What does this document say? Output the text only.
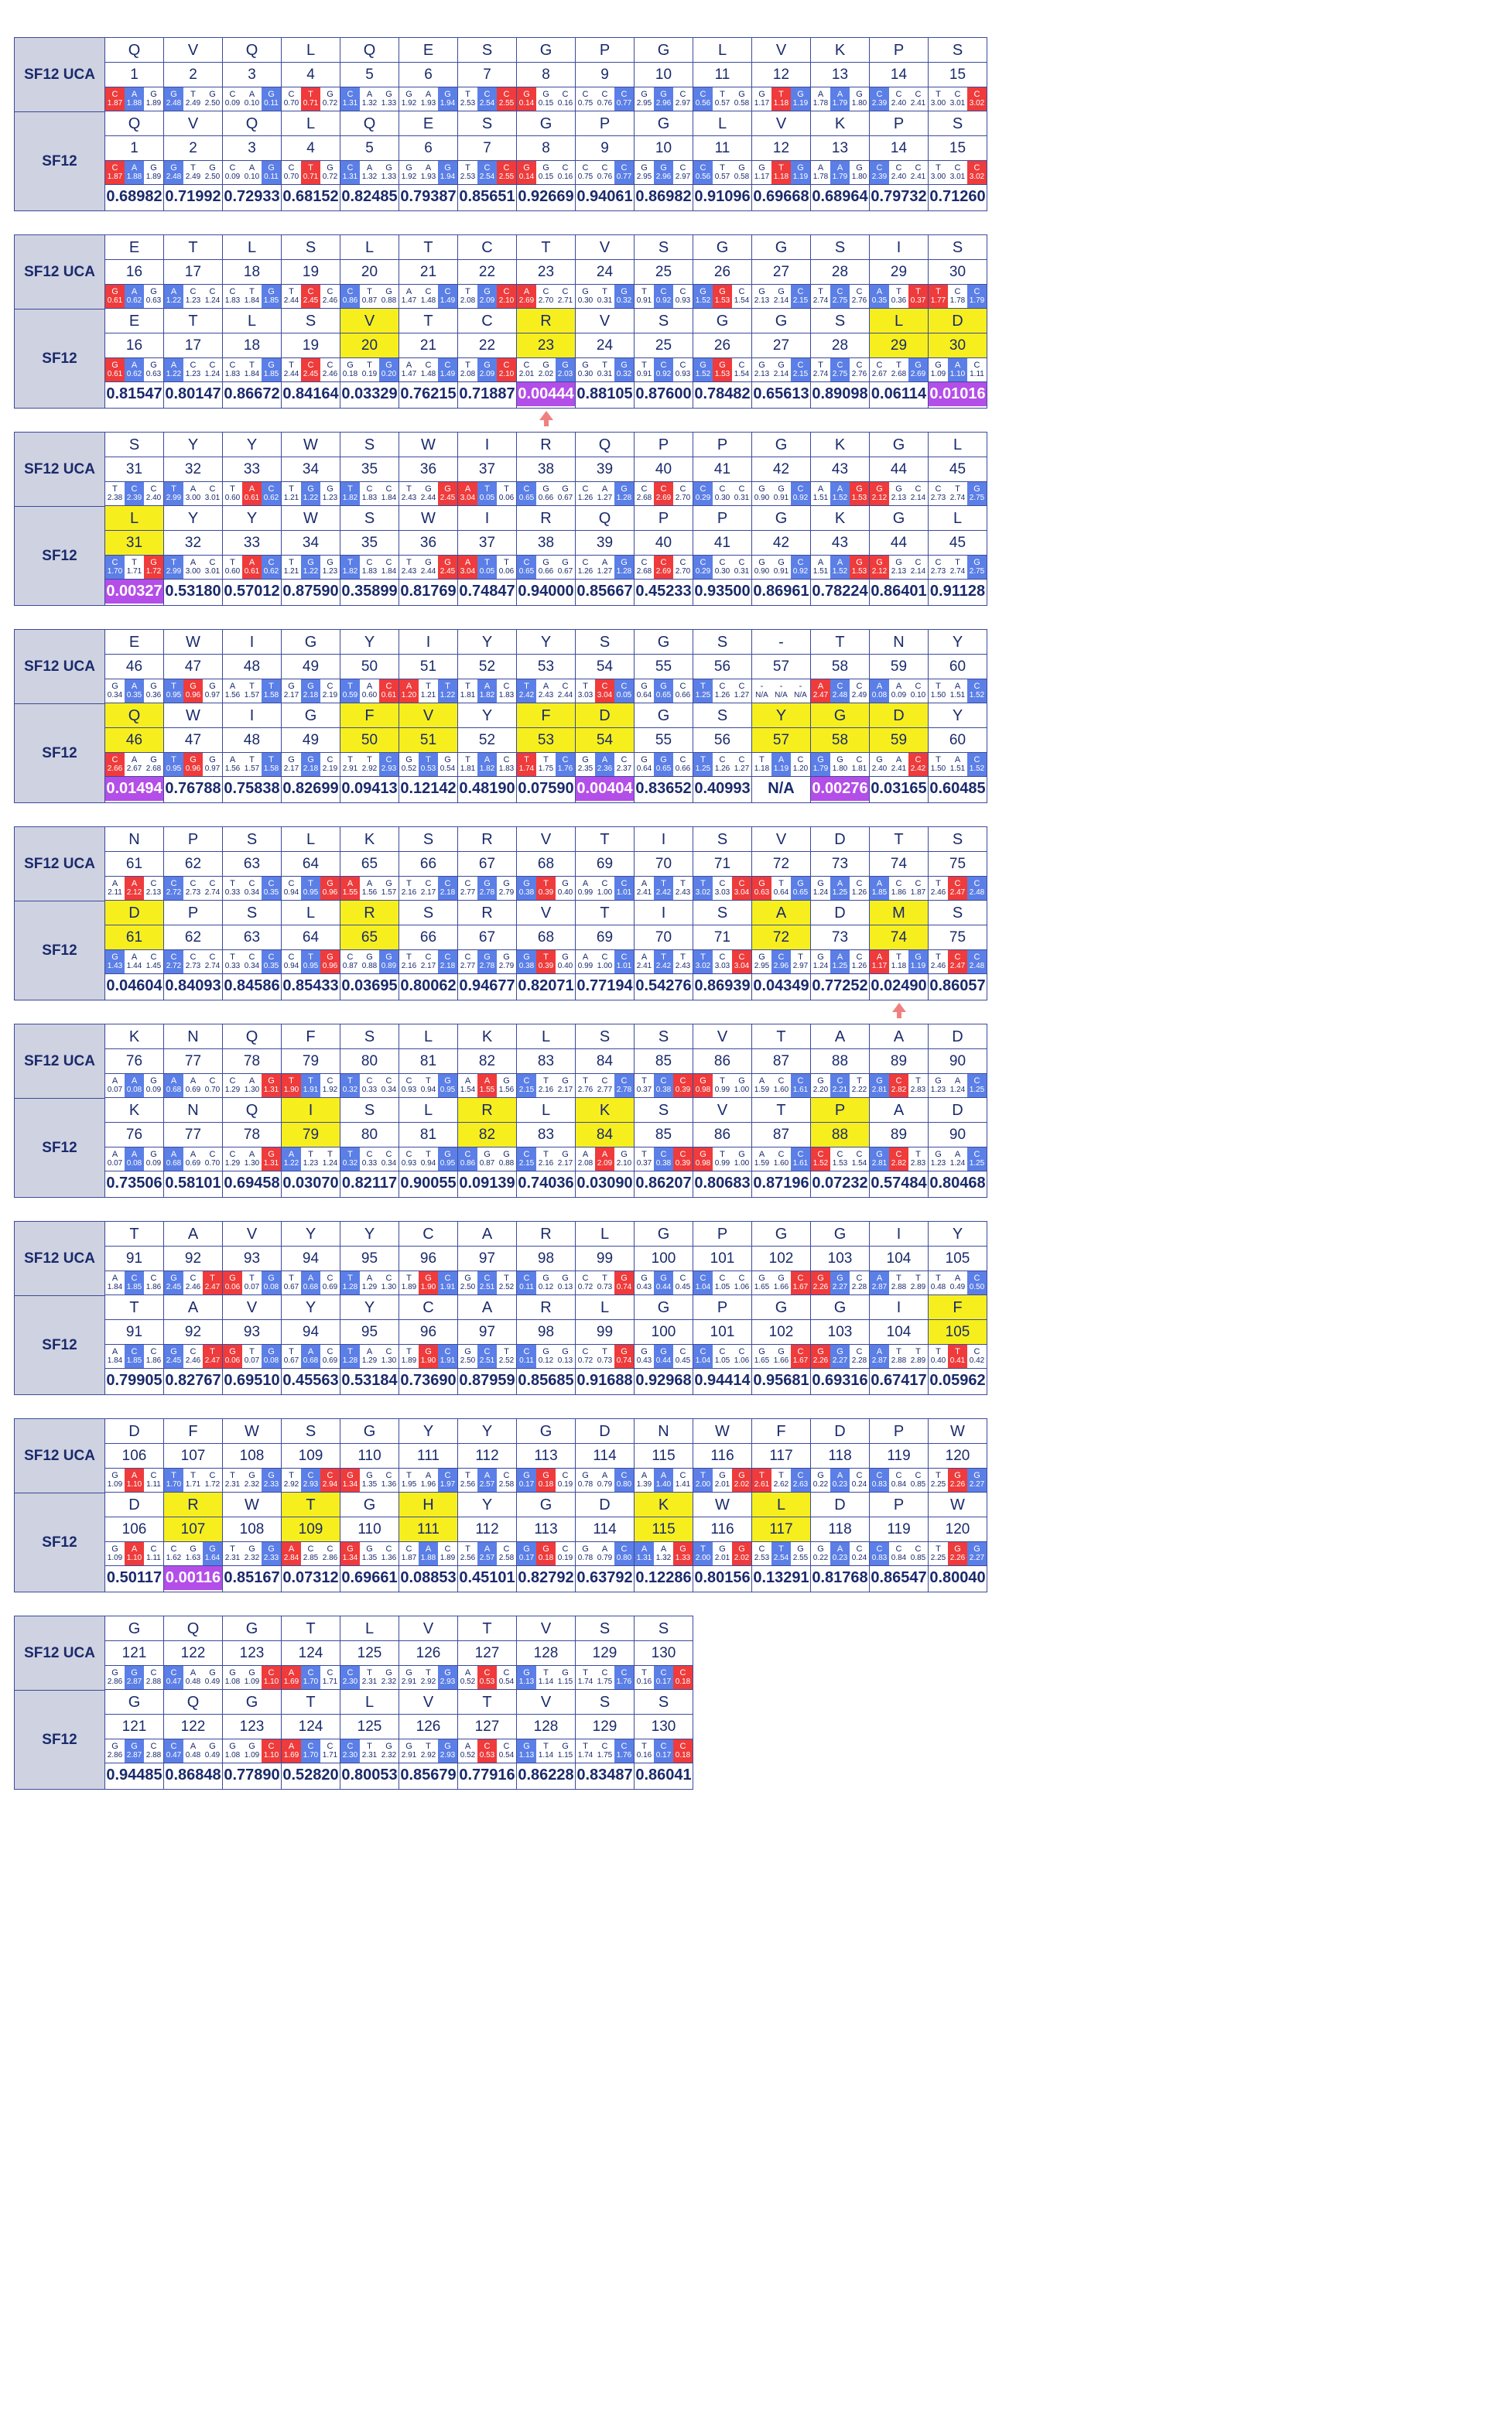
SF12 UCA
SF12
Q
1
C
1.87
A
1.88
G
1.89
Q
1
C
1.87
A
1.88
G
1.89
0.68982
V
2
G
2.48
T
2.49
G
2.50
V
2
G
2.48
T
2.49
G
2.50
0.71992
Q
3
C
0.09
A
0.10
G
0.11
Q
3
C
0.09
A
0.10
G
0.11
0.72933
L
4
C
0.70
T
0.71
G
0.72
L
4
C
0.70
T
0.71
G
0.72
0.68152
Q
5
C
1.31
A
1.32
G
1.33
Q
5
C
1.31
A
1.32
G
1.33
0.82485
E
6
G
1.92
A
1.93
G
1.94
E
6
G
1.92
A
1.93
G
1.94
0.79387
S
7
T
2.53
C
2.54
C
2.55
S
7
T
2.53
C
2.54
C
2.55
0.85651
G
8
G
0.14
G
0.15
C
0.16
G
8
G
0.14
G
0.15
C
0.16
0.92669
P
9
C
0.75
C
0.76
C
0.77
P
9
C
0.75
C
0.76
C
0.77
0.94061
G
10
G
2.95
G
2.96
C
2.97
G
10
G
2.95
G
2.96
C
2.97
0.86982
L
11
C
0.56
T
0.57
G
0.58
L
11
C
0.56
T
0.57
G
0.58
0.91096
V
12
G
1.17
T
1.18
G
1.19
V
12
G
1.17
T
1.18
G
1.19
0.69668
K
13
A
1.78
A
1.79
G
1.80
K
13
A
1.78
A
1.79
G
1.80
0.68964
P
14
C
2.39
C
2.40
C
2.41
P
14
C
2.39
C
2.40
C
2.41
0.79732
S
15
T
3.00
C
3.01
C
3.02
S
15
T
3.00
C
3.01
C
3.02
0.71260
SF12 UCA
SF12
E
16
G
0.61
A
0.62
G
0.63
E
16
G
0.61
A
0.62
G
0.63
0.81547
T
17
A
1.22
C
1.23
C
1.24
T
17
A
1.22
C
1.23
C
1.24
0.80147
L
18
C
1.83
T
1.84
G
1.85
L
18
C
1.83
T
1.84
G
1.85
0.86672
S
19
T
2.44
C
2.45
C
2.46
S
19
T
2.44
C
2.45
C
2.46
0.84164
L
20
C
0.86
T
0.87
G
0.88
V
20
G
0.18
T
0.19
G
0.20
0.03329
T
21
A
1.47
C
1.48
C
1.49
T
21
A
1.47
C
1.48
C
1.49
0.76215
C
22
T
2.08
G
2.09
C
2.10
C
22
T
2.08
G
2.09
C
2.10
0.71887
T
23
A
2.69
C
2.70
C
2.71
R
23
C
2.01
G
2.02
G
2.03
0.00444
V
24
G
0.30
T
0.31
G
0.32
V
24
G
0.30
T
0.31
G
0.32
0.88105
S
25
T
0.91
C
0.92
C
0.93
S
25
T
0.91
C
0.92
C
0.93
0.87600
G
26
G
1.52
G
1.53
C
1.54
G
26
G
1.52
G
1.53
C
1.54
0.78482
G
27
G
2.13
G
2.14
C
2.15
G
27
G
2.13
G
2.14
C
2.15
0.65613
S
28
T
2.74
C
2.75
C
2.76
S
28
T
2.74
C
2.75
C
2.76
0.89098
I
29
A
0.35
T
0.36
T
0.37
L
29
C
2.67
T
2.68
G
2.69
0.06114
S
30
T
1.77
C
1.78
C
1.79
D
30
G
1.09
A
1.10
C
1.11
0.01016
SF12 UCA
SF12
S
31
T
2.38
C
2.39
C
2.40
L
31
C
1.70
T
1.71
G
1.72
0.00327
Y
32
T
2.99
A
3.00
C
3.01
Y
32
T
2.99
A
3.00
C
3.01
0.53180
Y
33
T
0.60
A
0.61
C
0.62
Y
33
T
0.60
A
0.61
C
0.62
0.57012
W
34
T
1.21
G
1.22
G
1.23
W
34
T
1.21
G
1.22
G
1.23
0.87590
S
35
T
1.82
C
1.83
C
1.84
S
35
T
1.82
C
1.83
C
1.84
0.35899
W
36
T
2.43
G
2.44
G
2.45
W
36
T
2.43
G
2.44
G
2.45
0.81769
I
37
A
3.04
T
0.05
T
0.06
I
37
A
3.04
T
0.05
T
0.06
0.74847
R
38
C
0.65
G
0.66
G
0.67
R
38
C
0.65
G
0.66
G
0.67
0.94000
Q
39
C
1.26
A
1.27
G
1.28
Q
39
C
1.26
A
1.27
G
1.28
0.85667
P
40
C
2.68
C
2.69
C
2.70
P
40
C
2.68
C
2.69
C
2.70
0.45233
P
41
C
0.29
C
0.30
C
0.31
P
41
C
0.29
C
0.30
C
0.31
0.93500
G
42
G
0.90
G
0.91
C
0.92
G
42
G
0.90
G
0.91
C
0.92
0.86961
K
43
A
1.51
A
1.52
G
1.53
K
43
A
1.51
A
1.52
G
1.53
0.78224
G
44
G
2.12
G
2.13
C
2.14
G
44
G
2.12
G
2.13
C
2.14
0.86401
L
45
C
2.73
T
2.74
G
2.75
L
45
C
2.73
T
2.74
G
2.75
0.91128
SF12 UCA
SF12
E
46
G
0.34
A
0.35
G
0.36
Q
46
C
2.66
A
2.67
G
2.68
0.01494
W
47
T
0.95
G
0.96
G
0.97
W
47
T
0.95
G
0.96
G
0.97
0.76788
I
48
A
1.56
T
1.57
T
1.58
I
48
A
1.56
T
1.57
T
1.58
0.75838
G
49
G
2.17
G
2.18
C
2.19
G
49
G
2.17
G
2.18
C
2.19
0.82699
Y
50
T
0.59
A
0.60
C
0.61
F
50
T
2.91
T
2.92
C
2.93
0.09413
I
51
A
1.20
T
1.21
T
1.22
V
51
G
0.52
T
0.53
G
0.54
0.12142
Y
52
T
1.81
A
1.82
C
1.83
Y
52
T
1.81
A
1.82
C
1.83
0.48190
Y
53
T
2.42
A
2.43
C
2.44
F
53
T
1.74
T
1.75
C
1.76
0.07590
S
54
T
3.03
C
3.04
C
0.05
D
54
G
2.35
A
2.36
C
2.37
0.00404
G
55
G
0.64
G
0.65
C
0.66
G
55
G
0.64
G
0.65
C
0.66
0.83652
S
56
T
1.25
C
1.26
C
1.27
S
56
T
1.25
C
1.26
C
1.27
0.40993
-
57
-
N/A
-
N/A
-
N/A
Y
57
T
1.18
A
1.19
C
1.20
N/A
T
58
A
2.47
C
2.48
C
2.49
G
58
G
1.79
G
1.80
C
1.81
0.00276
N
59
A
0.08
A
0.09
C
0.10
D
59
G
2.40
A
2.41
C
2.42
0.03165
Y
60
T
1.50
A
1.51
C
1.52
Y
60
T
1.50
A
1.51
C
1.52
0.60485
SF12 UCA
SF12
N
61
A
2.11
A
2.12
C
2.13
D
61
G
1.43
A
1.44
C
1.45
0.04604
P
62
C
2.72
C
2.73
C
2.74
P
62
C
2.72
C
2.73
C
2.74
0.84093
S
63
T
0.33
C
0.34
C
0.35
S
63
T
0.33
C
0.34
C
0.35
0.84586
L
64
C
0.94
T
0.95
G
0.96
L
64
C
0.94
T
0.95
G
0.96
0.85433
K
65
A
1.55
A
1.56
G
1.57
R
65
C
0.87
G
0.88
G
0.89
0.03695
S
66
T
2.16
C
2.17
C
2.18
S
66
T
2.16
C
2.17
C
2.18
0.80062
R
67
C
2.77
G
2.78
G
2.79
R
67
C
2.77
G
2.78
G
2.79
0.94677
V
68
G
0.38
T
0.39
G
0.40
V
68
G
0.38
T
0.39
G
0.40
0.82071
T
69
A
0.99
C
1.00
C
1.01
T
69
A
0.99
C
1.00
C
1.01
0.77194
I
70
A
2.41
T
2.42
T
2.43
I
70
A
2.41
T
2.42
T
2.43
0.54276
S
71
T
3.02
C
3.03
C
3.04
S
71
T
3.02
C
3.03
C
3.04
0.86939
V
72
G
0.63
T
0.64
G
0.65
A
72
G
2.95
C
2.96
T
2.97
0.04349
D
73
G
1.24
A
1.25
C
1.26
D
73
G
1.24
A
1.25
C
1.26
0.77252
T
74
A
1.85
C
1.86
C
1.87
M
74
A
1.17
T
1.18
G
1.19
0.02490
S
75
T
2.46
C
2.47
C
2.48
S
75
T
2.46
C
2.47
C
2.48
0.86057
SF12 UCA
SF12
K
76
A
0.07
A
0.08
G
0.09
K
76
A
0.07
A
0.08
G
0.09
0.73506
N
77
A
0.68
A
0.69
C
0.70
N
77
A
0.68
A
0.69
C
0.70
0.58101
Q
78
C
1.29
A
1.30
G
1.31
Q
78
C
1.29
A
1.30
G
1.31
0.69458
F
79
T
1.90
T
1.91
C
1.92
I
79
A
1.22
T
1.23
T
1.24
0.03070
S
80
T
0.32
C
0.33
C
0.34
S
80
T
0.32
C
0.33
C
0.34
0.82117
L
81
C
0.93
T
0.94
G
0.95
L
81
C
0.93
T
0.94
G
0.95
0.90055
K
82
A
1.54
A
1.55
G
1.56
R
82
C
0.86
G
0.87
G
0.88
0.09139
L
83
C
2.15
T
2.16
G
2.17
L
83
C
2.15
T
2.16
G
2.17
0.74036
S
84
T
2.76
C
2.77
C
2.78
K
84
A
2.08
A
2.09
G
2.10
0.03090
S
85
T
0.37
C
0.38
C
0.39
S
85
T
0.37
C
0.38
C
0.39
0.86207
V
86
G
0.98
T
0.99
G
1.00
V
86
G
0.98
T
0.99
G
1.00
0.80683
T
87
A
1.59
C
1.60
C
1.61
T
87
A
1.59
C
1.60
C
1.61
0.87196
A
88
G
2.20
C
2.21
T
2.22
P
88
C
1.52
C
1.53
C
1.54
0.07232
A
89
G
2.81
C
2.82
T
2.83
A
89
G
2.81
C
2.82
T
2.83
0.57484
D
90
G
1.23
A
1.24
C
1.25
D
90
G
1.23
A
1.24
C
1.25
0.80468
SF12 UCA
SF12
T
91
A
1.84
C
1.85
C
1.86
T
91
A
1.84
C
1.85
C
1.86
0.79905
A
92
G
2.45
C
2.46
T
2.47
A
92
G
2.45
C
2.46
T
2.47
0.82767
V
93
G
0.06
T
0.07
G
0.08
V
93
G
0.06
T
0.07
G
0.08
0.69510
Y
94
T
0.67
A
0.68
C
0.69
Y
94
T
0.67
A
0.68
C
0.69
0.45563
Y
95
T
1.28
A
1.29
C
1.30
Y
95
T
1.28
A
1.29
C
1.30
0.53184
C
96
T
1.89
G
1.90
C
1.91
C
96
T
1.89
G
1.90
C
1.91
0.73690
A
97
G
2.50
C
2.51
T
2.52
A
97
G
2.50
C
2.51
T
2.52
0.87959
R
98
C
0.11
G
0.12
G
0.13
R
98
C
0.11
G
0.12
G
0.13
0.85685
L
99
C
0.72
T
0.73
G
0.74
L
99
C
0.72
T
0.73
G
0.74
0.91688
G
100
G
0.43
G
0.44
C
0.45
G
100
G
0.43
G
0.44
C
0.45
0.92968
P
101
C
1.04
C
1.05
C
1.06
P
101
C
1.04
C
1.05
C
1.06
0.94414
G
102
G
1.65
G
1.66
C
1.67
G
102
G
1.65
G
1.66
C
1.67
0.95681
G
103
G
2.26
G
2.27
C
2.28
G
103
G
2.26
G
2.27
C
2.28
0.69316
I
104
A
2.87
T
2.88
T
2.89
I
104
A
2.87
T
2.88
T
2.89
0.67417
Y
105
T
0.48
A
0.49
C
0.50
F
105
T
0.40
T
0.41
C
0.42
0.05962
SF12 UCA
SF12
D
106
G
1.09
A
1.10
C
1.11
D
106
G
1.09
A
1.10
C
1.11
0.50117
F
107
T
1.70
T
1.71
C
1.72
R
107
C
1.62
G
1.63
G
1.64
0.00116
W
108
T
2.31
G
2.32
G
2.33
W
108
T
2.31
G
2.32
G
2.33
0.85167
S
109
T
2.92
C
2.93
C
2.94
T
109
A
2.84
C
2.85
C
2.86
0.07312
G
110
G
1.34
G
1.35
C
1.36
G
110
G
1.34
G
1.35
C
1.36
0.69661
Y
111
T
1.95
A
1.96
C
1.97
H
111
C
1.87
A
1.88
C
1.89
0.08853
Y
112
T
2.56
A
2.57
C
2.58
Y
112
T
2.56
A
2.57
C
2.58
0.45101
G
113
G
0.17
G
0.18
C
0.19
G
113
G
0.17
G
0.18
C
0.19
0.82792
D
114
G
0.78
A
0.79
C
0.80
D
114
G
0.78
A
0.79
C
0.80
0.63792
N
115
A
1.39
A
1.40
C
1.41
K
115
A
1.31
A
1.32
G
1.33
0.12286
W
116
T
2.00
G
2.01
G
2.02
W
116
T
2.00
G
2.01
G
2.02
0.80156
F
117
T
2.61
T
2.62
C
2.63
L
117
C
2.53
T
2.54
G
2.55
0.13291
D
118
G
0.22
A
0.23
C
0.24
D
118
G
0.22
A
0.23
C
0.24
0.81768
P
119
C
0.83
C
0.84
C
0.85
P
119
C
0.83
C
0.84
C
0.85
0.86547
W
120
T
2.25
G
2.26
G
2.27
W
120
T
2.25
G
2.26
G
2.27
0.80040
SF12 UCA
SF12
G
121
G
2.86
G
2.87
C
2.88
G
121
G
2.86
G
2.87
C
2.88
0.94485
Q
122
C
0.47
A
0.48
G
0.49
Q
122
C
0.47
A
0.48
G
0.49
0.86848
G
123
G
1.08
G
1.09
C
1.10
G
123
G
1.08
G
1.09
C
1.10
0.77890
T
124
A
1.69
C
1.70
C
1.71
T
124
A
1.69
C
1.70
C
1.71
0.52820
L
125
C
2.30
T
2.31
G
2.32
L
125
C
2.30
T
2.31
G
2.32
0.80053
V
126
G
2.91
T
2.92
G
2.93
V
126
G
2.91
T
2.92
G
2.93
0.85679
T
127
A
0.52
C
0.53
C
0.54
T
127
A
0.52
C
0.53
C
0.54
0.77916
V
128
G
1.13
T
1.14
G
1.15
V
128
G
1.13
T
1.14
G
1.15
0.86228
S
129
T
1.74
C
1.75
C
1.76
S
129
T
1.74
C
1.75
C
1.76
0.83487
S
130
T
0.16
C
0.17
C
0.18
S
130
T
0.16
C
0.17
C
0.18
0.86041
